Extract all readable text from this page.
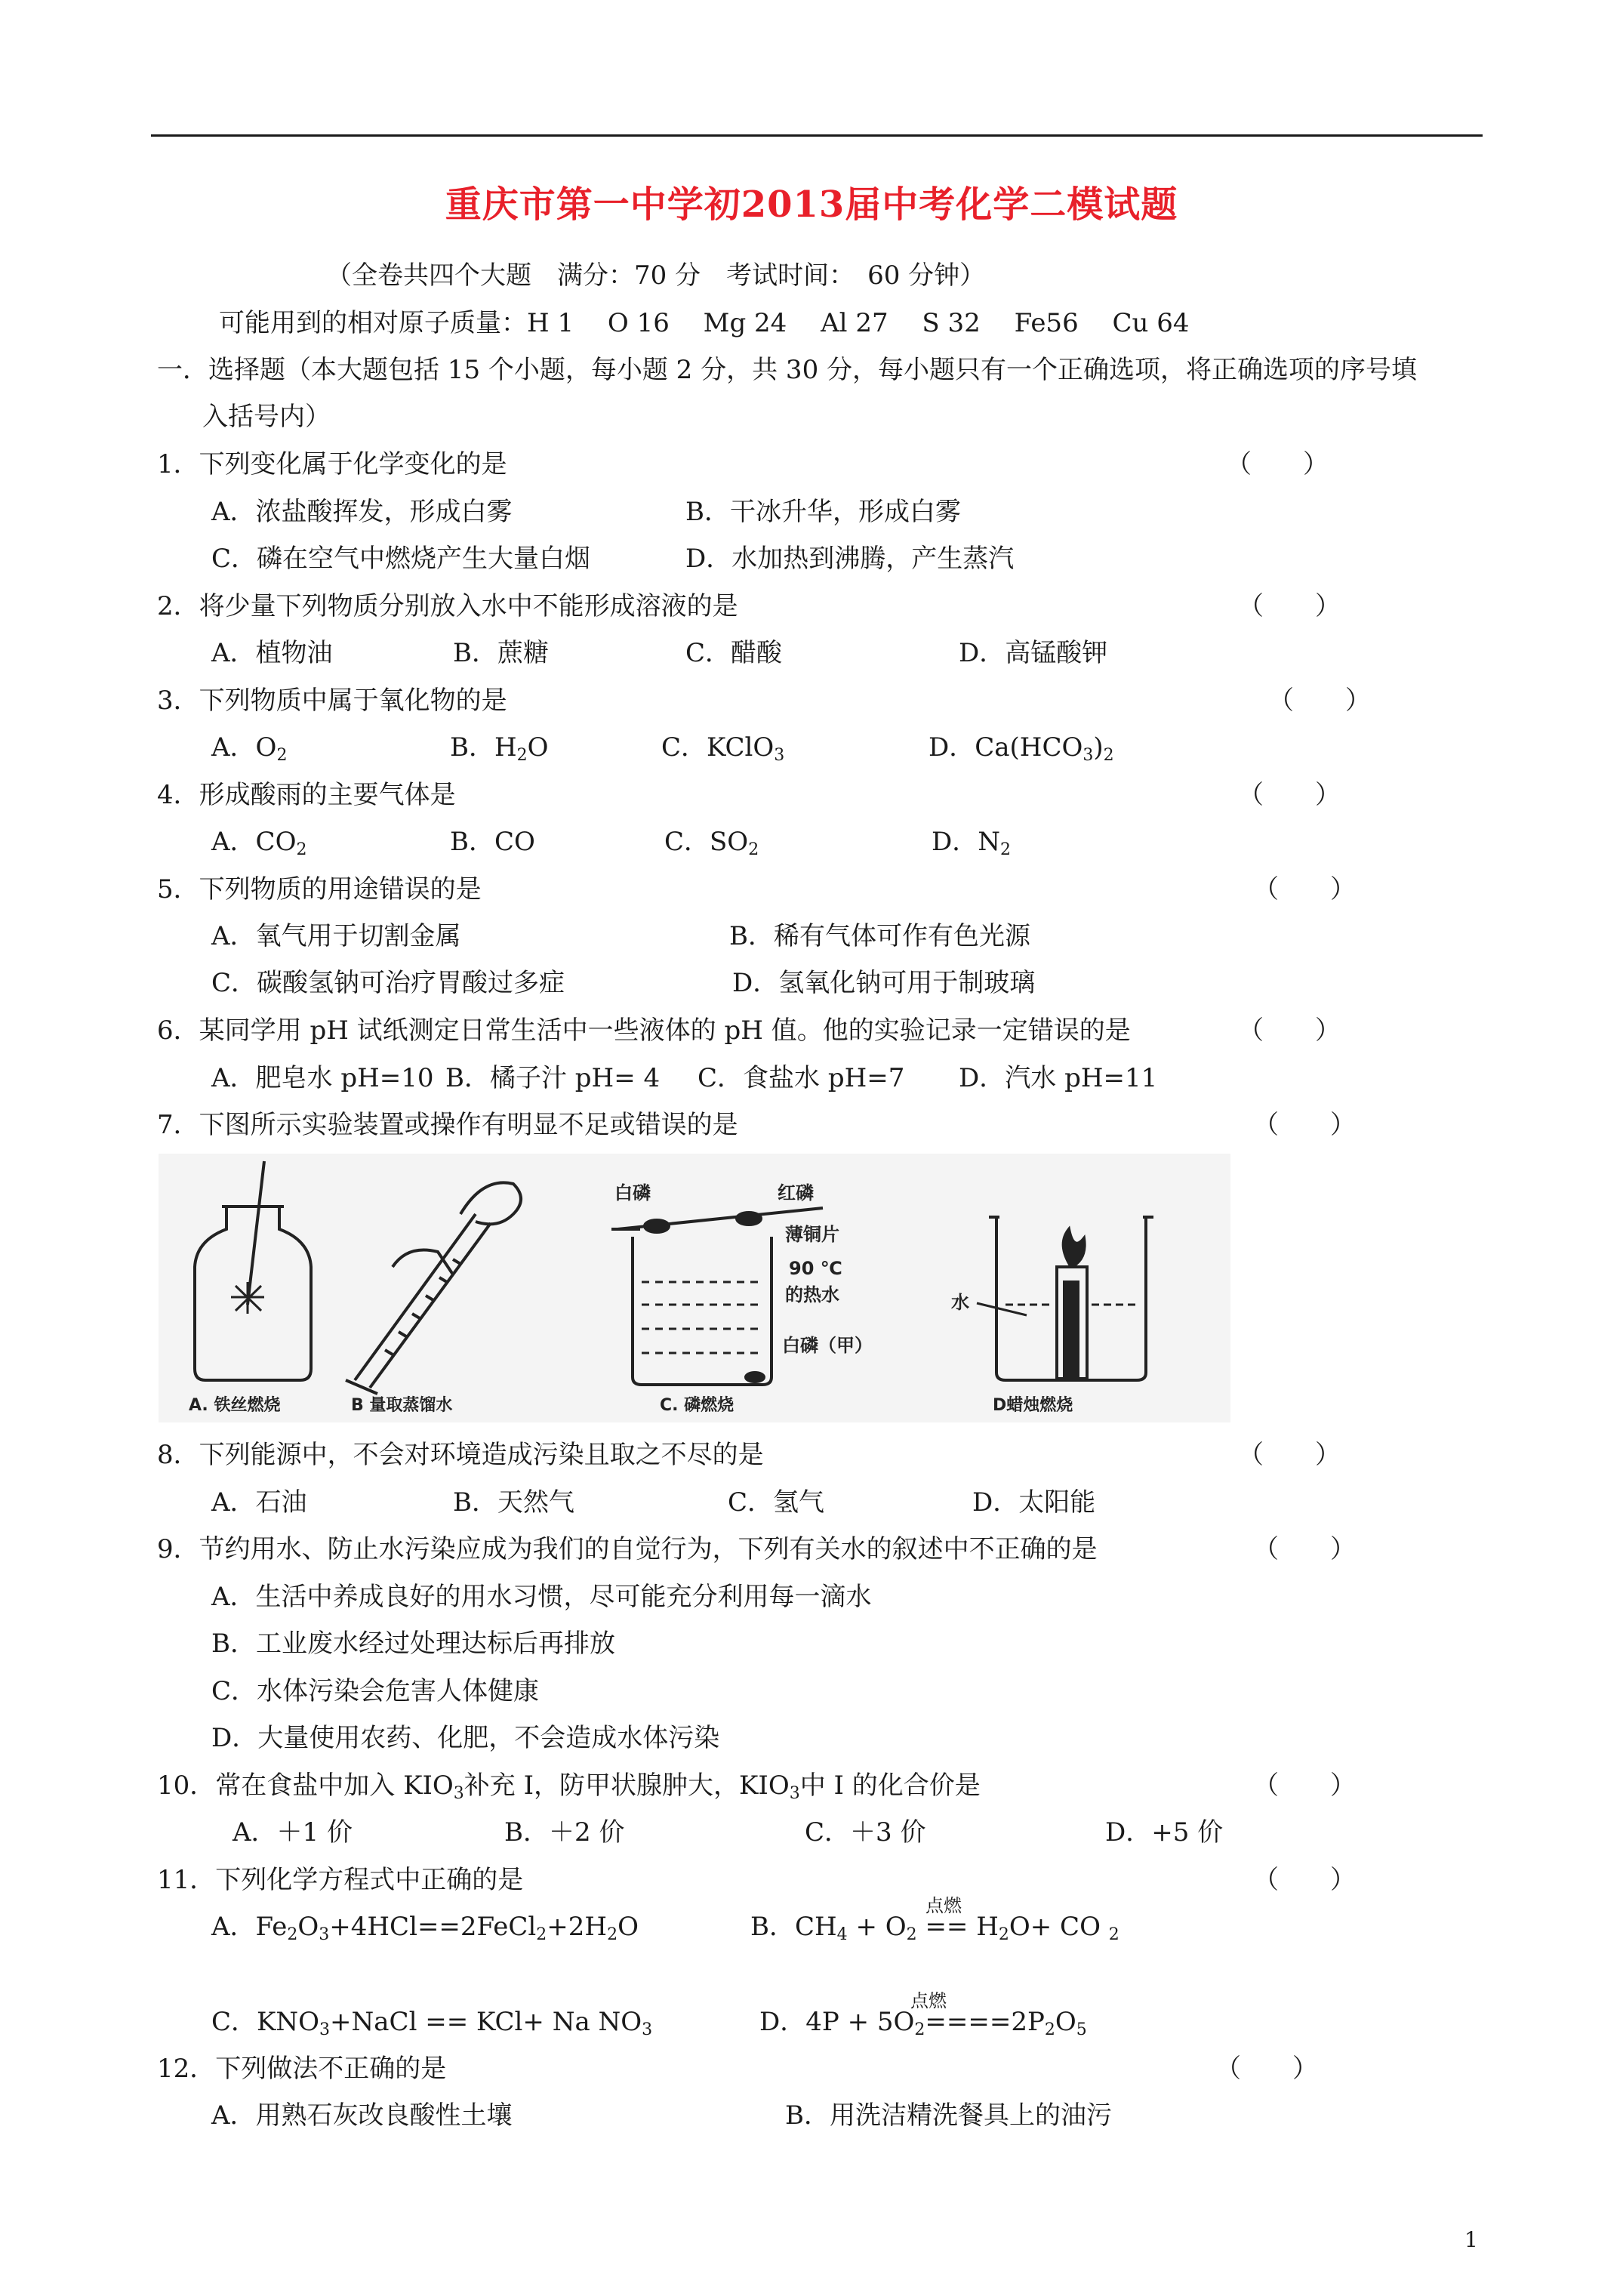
重庆市第一中学初2013届中考化学二模试题
（全卷共四个大题　满分：70 分　考试时间：　60 分钟）
可能用到的相对原子质量：H 1　 O 16　 Mg 24　 Al 27　 S 32　 Fe56　 Cu 64
一．选择题（本大题包括 15 个小题，每小题 2 分，共 30 分，每小题只有一个正确选项，将正确选项的序号填
入括号内）
1．下列变化属于化学变化的是	（　　）
A．浓盐酸挥发，形成白雾	B．干冰升华，形成白雾
C．磷在空气中燃烧产生大量白烟	D．水加热到沸腾，产生蒸汽
2．将少量下列物质分别放入水中不能形成溶液的是	（　　）
A．植物油	B．蔗糖	C．醋酸	D．高锰酸钾
3．下列物质中属于氧化物的是	（　　）
A．$O_2$	B．$H_2O$	C．KClO$_3$	D．$Ca(HCO_3)_2$
4．形成酸雨的主要气体是	（　　）
A．$CO_2$	B．CO	C．$SO_2$	D．$N_2$
5．下列物质的用途错误的是	（　　）
A．氧气用于切割金属	B．稀有气体可作有色光源
C．碳酸氢钠可治疗胃酸过多症	D．氢氧化钠可用于制玻璃
6．某同学用 pH 试纸测定日常生活中一些液体的 pH 值。他的实验记录一定错误的是	（　　）
A．肥皂水 pH=10 B．橘子汁 pH= 4 C．食盐水 pH=7 D．汽水 pH=11
7．下图所示实验装置或操作有明显不足或错误的是	（　　）
A. 铁丝燃烧	B 量取蒸馏水
白磷	红磷
薄铜片
90 ℃
的热水
白磷（甲）
C. 磷燃烧
水
D蜡烛燃烧
8．下列能源中，不会对环境造成污染且取之不尽的是	（　　）
A．石油	B．天然气	C．氢气	D．太阳能
9．节约用水、防止水污染应成为我们的自觉行为，下列有关水的叙述中不正确的是	（　　）
A．生活中养成良好的用水习惯，尽可能充分利用每一滴水
B．工业废水经过处理达标后再排放
C．水体污染会危害人体健康
D．大量使用农药、化肥，不会造成水体污染
10．常在食盐中加入 $KIO_3$补充 I，防甲状腺肿大，$KIO_3$中 I 的化合价是	（　　）
A．＋1 价	B．＋2 价	C．＋3 价	D．+5 价
11．下列化学方程式中正确的是	（　　）
A．$Fe_2O_3+4HCl==2FeCl_2+2H_2O$
点燃
B．$CH_4 + O_2 == H_2O+$ CO $_2$
C．$KNO_3+NaCl == KCl+ Na$ $NO_3$
点燃
D．$4P + 5O_2====2P_2O_5$
12．下列做法不正确的是	（　　）
A．用熟石灰改良酸性土壤	B．用洗洁精洗餐具上的油污
1
